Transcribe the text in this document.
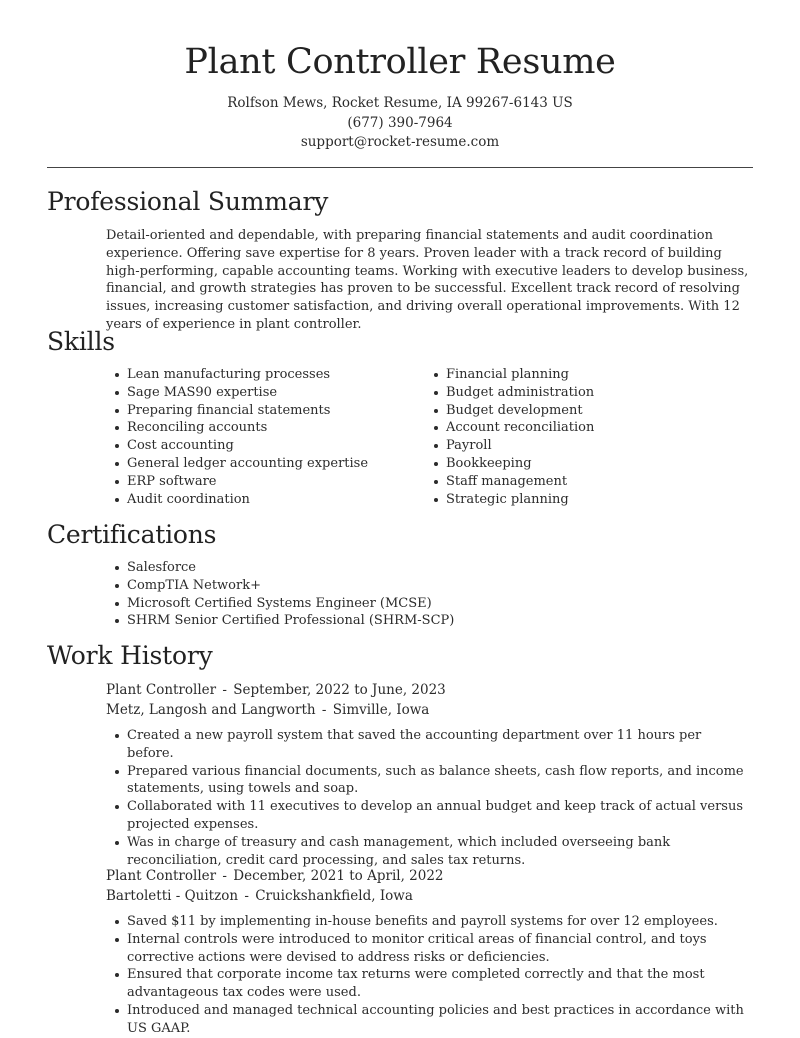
Plant Controller Resume
Rolfson Mews, Rocket Resume, IA 99267-6143 US
(677) 390-7964
support@rocket-resume.com
Professional Summary
Detail-oriented and dependable, with preparing financial statements and audit coordination experience. Offering save expertise for 8 years. Proven leader with a track record of building high-performing, capable accounting teams. Working with executive leaders to develop business, financial, and growth strategies has proven to be successful. Excellent track record of resolving issues, increasing customer satisfaction, and driving overall operational improvements. With 12 years of experience in plant controller.
Skills
Lean manufacturing processes
Sage MAS90 expertise
Preparing financial statements
Reconciling accounts
Cost accounting
General ledger accounting expertise
ERP software
Audit coordination
Financial planning
Budget administration
Budget development
Account reconciliation
Payroll
Bookkeeping
Staff management
Strategic planning
Certifications
Salesforce
CompTIA Network+
Microsoft Certified Systems Engineer (MCSE)
SHRM Senior Certified Professional (SHRM-SCP)
Work History
Plant Controller - September, 2022 to June, 2023
Metz, Langosh and Langworth - Simville, Iowa
Created a new payroll system that saved the accounting department over 11 hours per before.
Prepared various financial documents, such as balance sheets, cash flow reports, and income statements, using towels and soap.
Collaborated with 11 executives to develop an annual budget and keep track of actual versus projected expenses.
Was in charge of treasury and cash management, which included overseeing bank reconciliation, credit card processing, and sales tax returns.
Plant Controller - December, 2021 to April, 2022
Bartoletti - Quitzon - Cruickshankfield, Iowa
Saved $11 by implementing in-house benefits and payroll systems for over 12 employees.
Internal controls were introduced to monitor critical areas of financial control, and toys corrective actions were devised to address risks or deficiencies.
Ensured that corporate income tax returns were completed correctly and that the most advantageous tax codes were used.
Introduced and managed technical accounting policies and best practices in accordance with US GAAP.
